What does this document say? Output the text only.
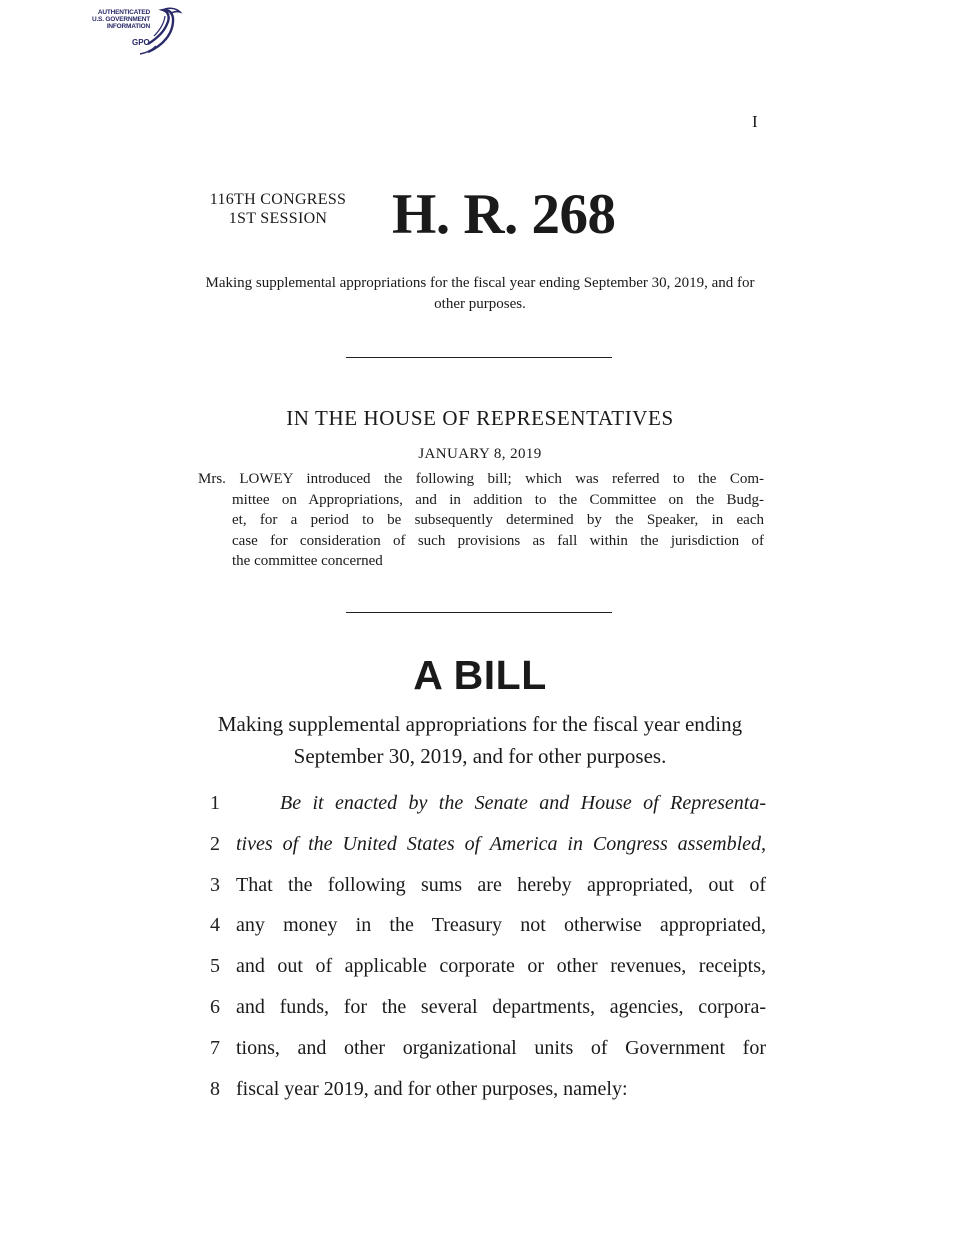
AUTHENTICATED
U.S. GOVERNMENT
INFORMATION
GPO
I
116TH CONGRESS
1ST SESSION	H. R. 268
Making supplemental appropriations for the fiscal year ending September 30, 2019, and for other purposes.
IN THE HOUSE OF REPRESENTATIVES
JANUARY 8, 2019
Mrs. LOWEY introduced the following bill; which was referred to the Com-
mittee on Appropriations, and in addition to the Committee on the Budg-
et, for a period to be subsequently determined by the Speaker, in each
case for consideration of such provisions as fall within the jurisdiction of
the committee concerned
A BILL
Making supplemental appropriations for the fiscal year ending September 30, 2019, and for other purposes.
1	Be it enacted by the Senate and House of Representa-
2 tives of the United States of America in Congress assembled,
3 That the following sums are hereby appropriated, out of
4 any money in the Treasury not otherwise appropriated,
5 and out of applicable corporate or other revenues, receipts,
6 and funds, for the several departments, agencies, corpora-
7 tions, and other organizational units of Government for
8 fiscal year 2019, and for other purposes, namely:
